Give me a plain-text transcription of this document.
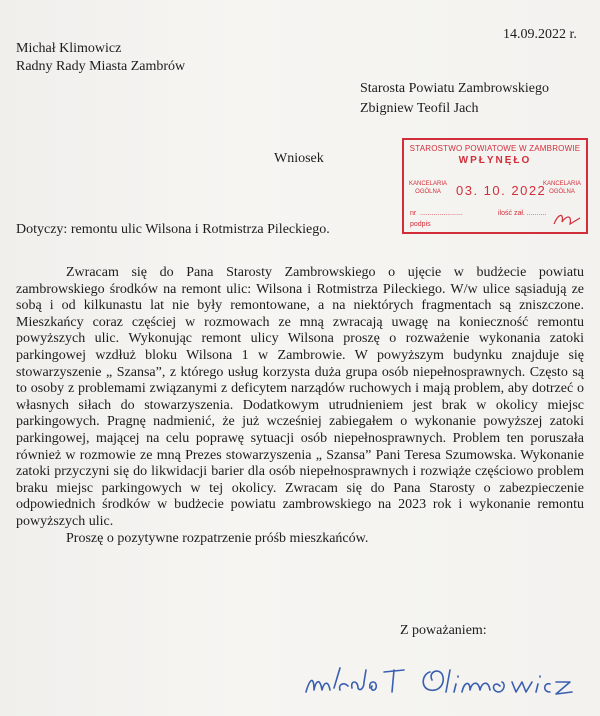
14.09.2022 r.
Michał Klimowicz
Radny Rady Miasta Zambrów
Starosta Powiatu Zambrowskiego
Zbigniew Teofil Jach
Wniosek
STAROSTWO POWIATOWE W ZAMBROWIE
WPŁYNĘŁO
KANCELARIA OGÓLNA	03. 10. 2022
KANCELARIA OGÓLNA
nr ......................	ilość zał. ..........
podpis
Dotyczy: remontu ulic Wilsona i Rotmistrza Pileckiego.

Zwracam się do Pana Starosty Zambrowskiego o ujęcie w budżecie powiatu zambrowskiego środków na remont ulic: Wilsona i Rotmistrza Pileckiego. W/w ulice sąsiadują ze sobą i od kilkunastu lat nie były remontowane, a na niektórych fragmentach są zniszczone. Mieszkańcy coraz częściej w rozmowach ze mną zwracają uwagę na konieczność remontu powyższych ulic. Wykonując remont ulicy Wilsona proszę o rozważenie wykonania zatoki parkingowej wzdłuż bloku Wilsona 1 w Zambrowie. W powyższym budynku znajduje się stowarzyszenie „ Szansa”, z którego usług korzysta duża grupa osób niepełnosprawnych. Często są to osoby z problemami związanymi z deficytem narządów ruchowych i mają problem, aby dotrzeć o własnych siłach do stowarzyszenia. Dodatkowym utrudnieniem jest brak w okolicy miejsc parkingowych. Pragnę nadmienić, że już wcześniej zabiegałem o wykonanie powyższej zatoki parkingowej, mającej na celu poprawę sytuacji osób niepełnosprawnych. Problem ten poruszała również w rozmowie ze mną Prezes stowarzyszenia „ Szansa” Pani Teresa Szumowska. Wykonanie zatoki przyczyni się do likwidacji barier dla osób niepełnosprawnych i rozwiąże częściowo problem braku miejsc parkingowych w tej okolicy. Zwracam się do Pana Starosty o zabezpieczenie odpowiednich środków w budżecie powiatu zambrowskiego na 2023 rok i wykonanie remontu powyższych ulic.

Proszę o pozytywne rozpatrzenie próśb mieszkańców.

Z poważaniem:
